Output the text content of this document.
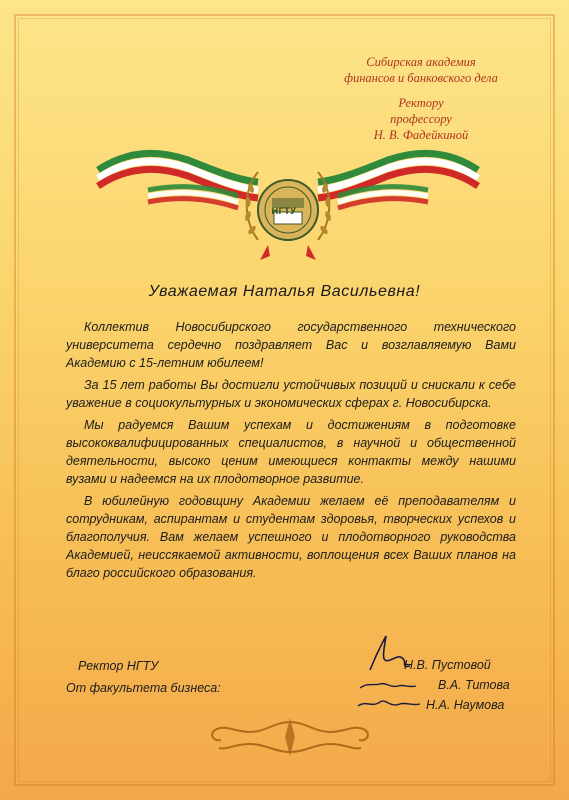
Сибирская академия
финансов и банковского дела
Ректору
профессору
Н. В. Фадейкиной
НГТУ
Уважаемая Наталья Васильевна!

Коллектив Новосибирского государственного технического университета сердечно поздравляет Вас и возглавляемую Вами Академию с 15-летним юбилеем!

За 15 лет работы Вы достигли устойчивых позиций и снискали к себе уважение в социокультурных и экономических сферах г. Новосибирска.

Мы радуемся Вашим успехам и достижениям в подготовке высококвалифицированных специалистов, в научной и общественной деятельности, высоко ценим имеющиеся контакты между нашими вузами и надеемся на их плодотворное развитие.

В юбилейную годовщину Академии желаем её преподавателям и сотрудникам, аспирантам и студентам здоровья, творческих успехов и благополучия. Вам желаем успешного и плодотворного руководства Академией, неиссякаемой активности, воплощения всех Ваших планов на благо российского образования.

Ректор НГТУ
От факультета бизнеса:
Н.В. Пустовой
В.А. Титова
Н.А. Наумова
